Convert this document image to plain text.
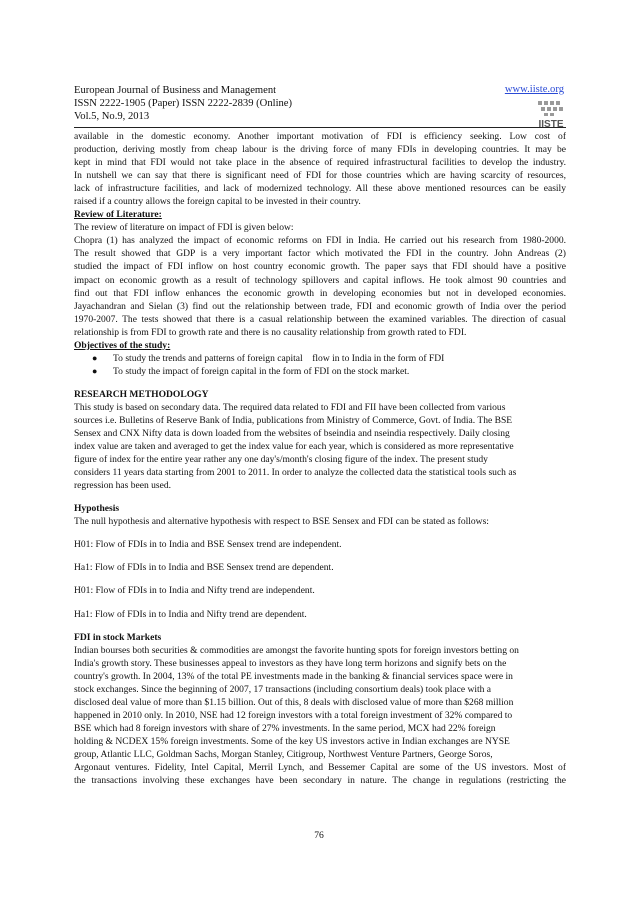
European Journal of Business and Management
ISSN 2222-1905 (Paper) ISSN 2222-2839 (Online)
Vol.5, No.9, 2013
www.iiste.org
IISTE
available in the domestic economy. Another important motivation of FDI is efficiency seeking. Low cost of
production, deriving mostly from cheap labour is the driving force of many FDIs in developing countries. It may be
kept in mind that FDI would not take place in the absence of required infrastructural facilities to develop the industry.
In nutshell we can say that there is significant need of FDI for those countries which are having scarcity of resources,
lack of infrastructure facilities, and lack of modernized technology. All these above mentioned resources can be easily
raised if a country allows the foreign capital to be invested in their country.
Review of Literature:
The review of literature on impact of FDI is given below:
Chopra (1) has analyzed the impact of economic reforms on FDI in India. He carried out his research from 1980-2000.
The result showed that GDP is a very important factor which motivated the FDI in the country. John Andreas (2)
studied the impact of FDI inflow on host country economic growth. The paper says that FDI should have a positive
impact on economic growth as a result of technology spillovers and capital inflows. He took almost 90 countries and
find out that FDI inflow enhances the economic growth in developing economies but not in developed economies.
Jayachandran and Sielan (3) find out the relationship between trade, FDI and economic growth of India over the period
1970-2007. The tests showed that there is a casual relationship between the examined variables. The direction of casual
relationship is from FDI to growth rate and there is no causality relationship from growth rated to FDI.
Objectives of the study:
● To study the trends and patterns of foreign capital    flow in to India in the form of FDI
● To study the impact of foreign capital in the form of FDI on the stock market.
RESEARCH METHODOLOGY
This study is based on secondary data. The required data related to FDI and FII have been collected from various
sources i.e. Bulletins of Reserve Bank of India, publications from Ministry of Commerce, Govt. of India. The BSE
Sensex and CNX Nifty data is down loaded from the websites of bseindia and nseindia respectively. Daily closing
index value are taken and averaged to get the index value for each year, which is considered as more representative
figure of index for the entire year rather any one day's/month's closing figure of the index. The present study
considers 11 years data starting from 2001 to 2011. In order to analyze the collected data the statistical tools such as
regression has been used.
Hypothesis
The null hypothesis and alternative hypothesis with respect to BSE Sensex and FDI can be stated as follows:
H01: Flow of FDIs in to India and BSE Sensex trend are independent.
Ha1: Flow of FDIs in to India and BSE Sensex trend are dependent.
H01: Flow of FDIs in to India and Nifty trend are independent.
Ha1: Flow of FDIs in to India and Nifty trend are dependent.
FDI in stock Markets
Indian bourses both securities & commodities are amongst the favorite hunting spots for foreign investors betting on
India's growth story. These businesses appeal to investors as they have long term horizons and signify bets on the
country's growth. In 2004, 13% of the total PE investments made in the banking & financial services space were in
stock exchanges. Since the beginning of 2007, 17 transactions (including consortium deals) took place with a
disclosed deal value of more than $1.15 billion. Out of this, 8 deals with disclosed value of more than $268 million
happened in 2010 only. In 2010, NSE had 12 foreign investors with a total foreign investment of 32% compared to
BSE which had 8 foreign investors with share of 27% investments. In the same period, MCX had 22% foreign
holding & NCDEX 15% foreign investments. Some of the key US investors active in Indian exchanges are NYSE
group, Atlantic LLC, Goldman Sachs, Morgan Stanley, Citigroup, Northwest Venture Partners, George Soros,
Argonaut ventures. Fidelity, Intel Capital, Merril Lynch, and Bessemer Capital are some of the US investors. Most of
the transactions involving these exchanges have been secondary in nature. The change in regulations (restricting the
76
